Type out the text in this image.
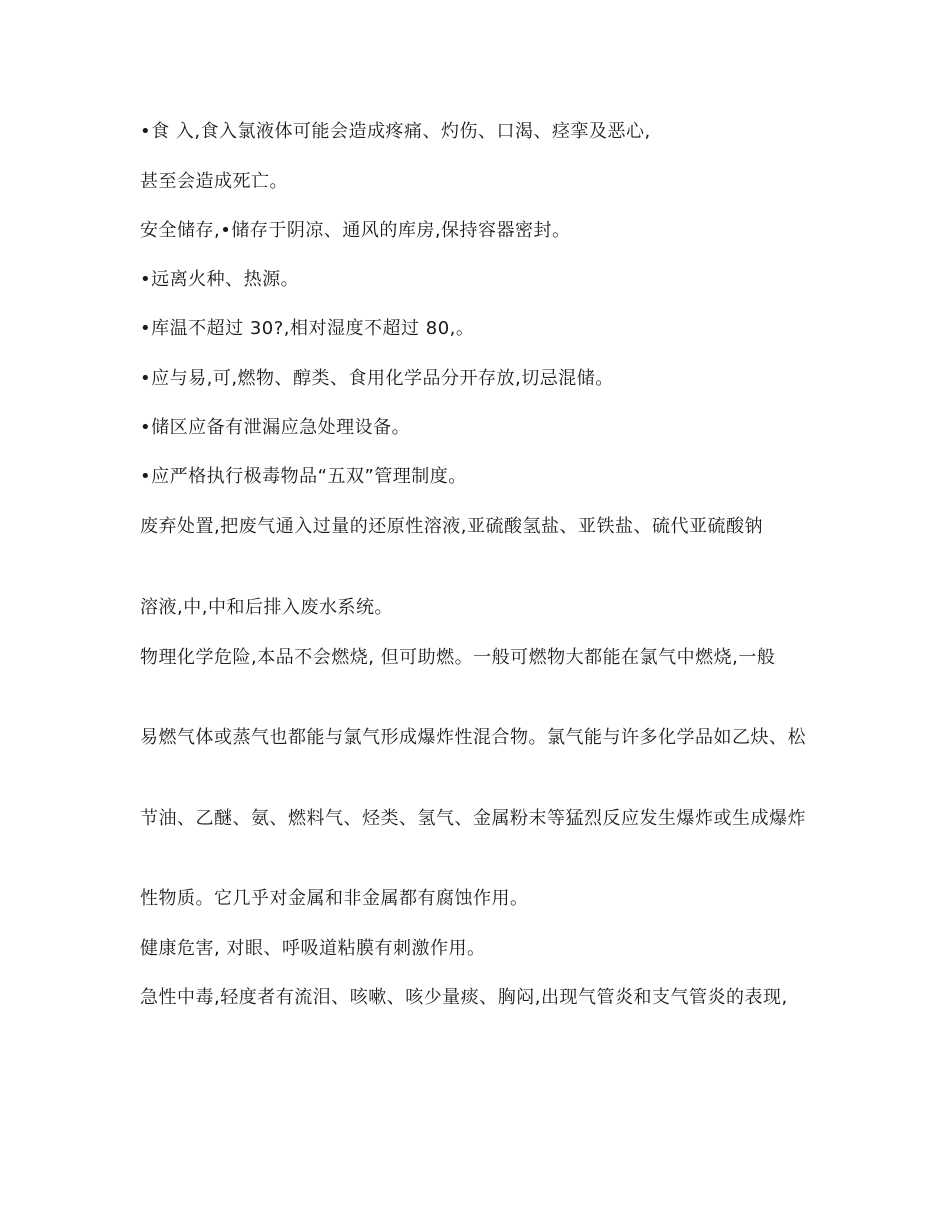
•食 入,食入氯液体可能会造成疼痛、灼伤、口渴、痉挛及恶心,

甚至会造成死亡。

安全储存,•储存于阴凉、通风的库房,保持容器密封。

•远离火种、热源。

•库温不超过 30?,相对湿度不超过 80,。

•应与易,可,燃物、醇类、食用化学品分开存放,切忌混储。

•储区应备有泄漏应急处理设备。

•应严格执行极毒物品“五双”管理制度。

废弃处置,把废气通入过量的还原性溶液,亚硫酸氢盐、亚铁盐、硫代亚硫酸钠

溶液,中,中和后排入废水系统。

物理化学危险,本品不会燃烧, 但可助燃。一般可燃物大都能在氯气中燃烧,一般

易燃气体或蒸气也都能与氯气形成爆炸性混合物。氯气能与许多化学品如乙炔、松

节油、乙醚、氨、燃料气、烃类、氢气、金属粉末等猛烈反应发生爆炸或生成爆炸

性物质。它几乎对金属和非金属都有腐蚀作用。

健康危害, 对眼、呼吸道粘膜有刺激作用。

急性中毒,轻度者有流泪、咳嗽、咳少量痰、胸闷,出现气管炎和支气管炎的表现,
